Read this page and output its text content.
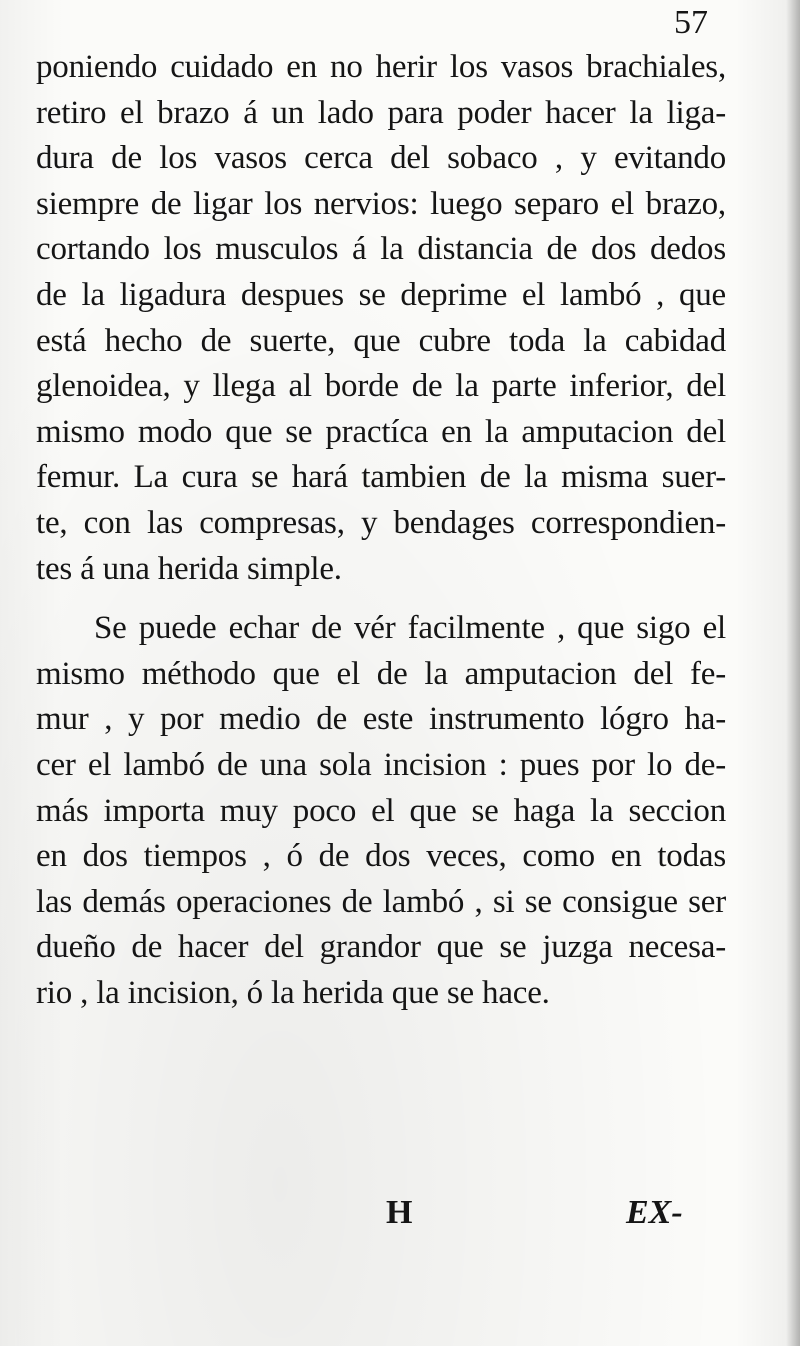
57
poniendo cuidado en no herir los vasos brachiales,
retiro el brazo á un lado para poder hacer la liga-
dura de los vasos cerca del sobaco , y evitando
siempre de ligar los nervios: luego separo el brazo,
cortando los musculos á la distancia de dos dedos
de la ligadura despues se deprime el lambó , que
está hecho de suerte, que cubre toda la cabidad
glenoidea, y llega al borde de la parte inferior, del
mismo modo que se practíca en la amputacion del
femur. La cura se hará tambien de la misma suer-
te, con las compresas, y bendages correspondien-
tes á una herida simple.
Se puede echar de vér facilmente , que sigo el
mismo méthodo que el de la amputacion del fe-
mur , y por medio de este instrumento lógro ha-
cer el lambó de una sola incision : pues por lo de-
más importa muy poco el que se haga la seccion
en dos tiempos , ó de dos veces, como en todas
las demás operaciones de lambó , si se consigue ser
dueño de hacer del grandor que se juzga necesa-
rio , la incision, ó la herida que se hace.
H	EX-
